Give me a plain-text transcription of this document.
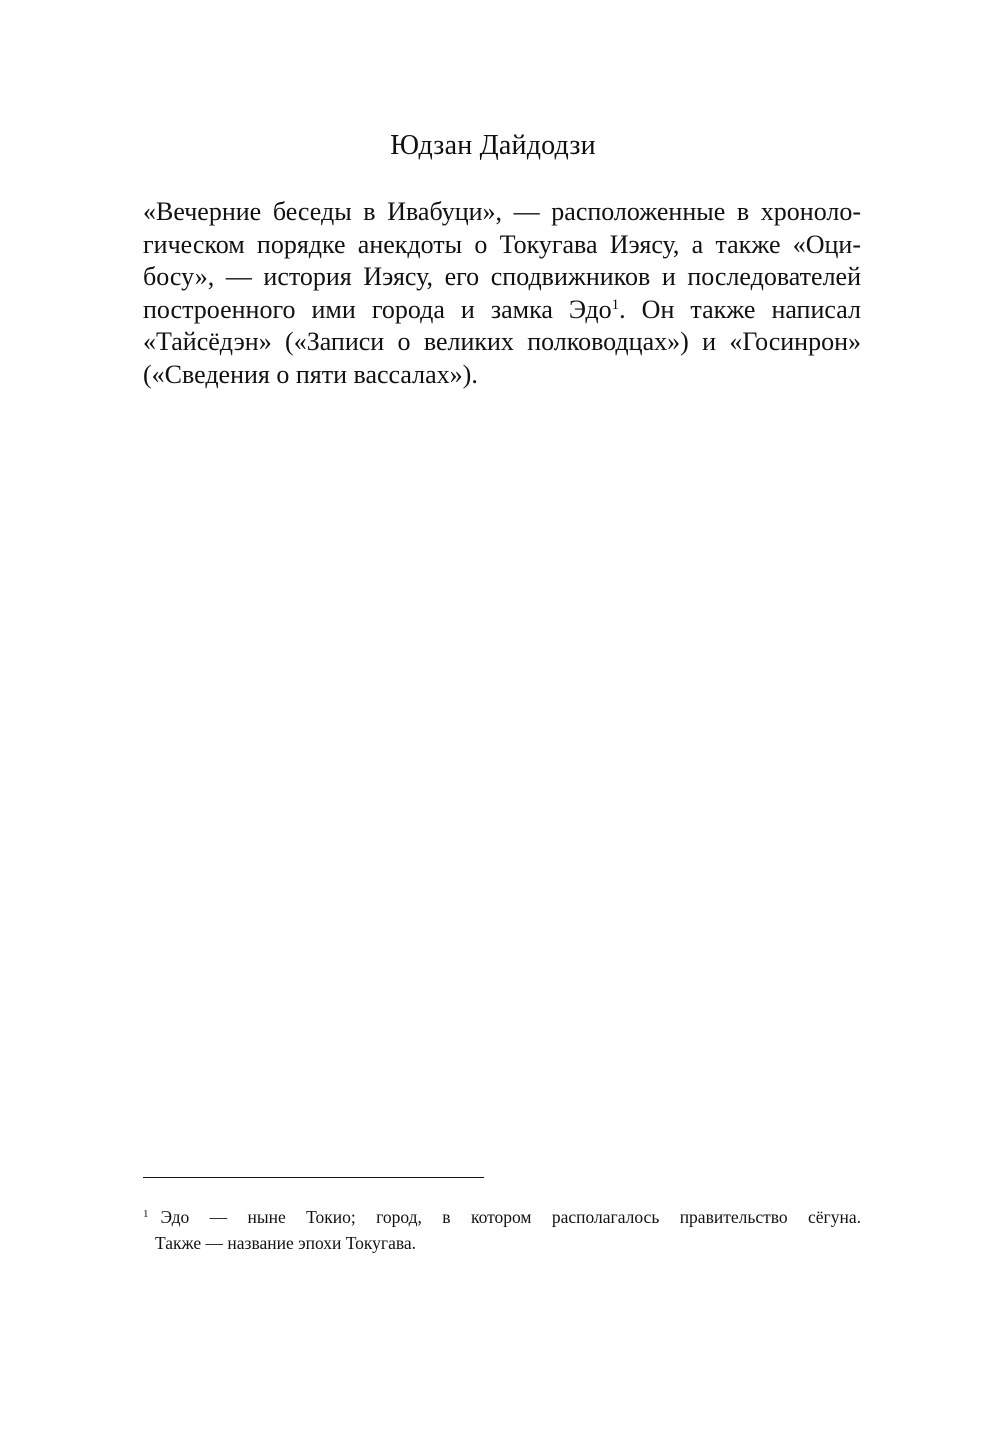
Юдзан Дайдодзи
«Вечерние беседы в Ивабуци», — расположенные в хроноло-
гическом порядке анекдоты о Токугава Иэясу, а также «Оци-
босу», — история Иэясу, его сподвижников и последователей
построенного ими города и замка Эдо$^1$. Он также написал
«Тайсёдэн» («Записи о великих полководцах») и «Госинрон»
(«Сведения о пяти вассалах»).
$^1$ Эдо — ныне Токио; город, в котором располагалось правительство сёгуна.
Также — название эпохи Токугава.
